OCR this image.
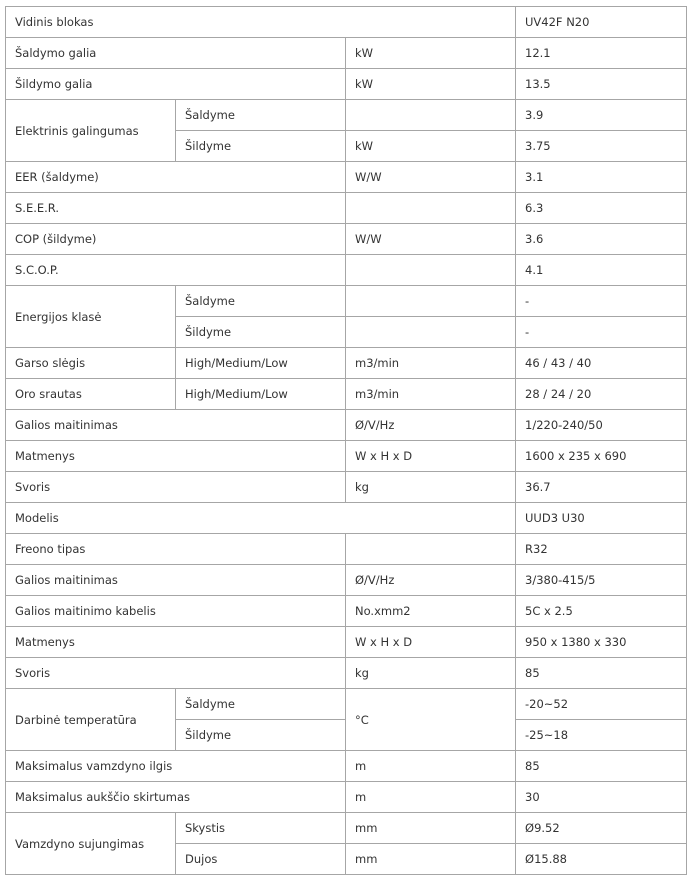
Vidinis blokas			UV42F N20
Šaldymo galia		kW	12.1
Šildymo galia		kW	13.5
Elektrinis galingumas	Šaldyme		3.9
	Šildyme	kW	3.75
EER (šaldyme)		W/W	3.1
S.E.E.R.			6.3
COP (šildyme)		W/W	3.6
S.C.O.P.			4.1
Energijos klasė	Šaldyme		-
	Šildyme		-
Garso slėgis	High/Medium/Low	m3/min	46 / 43 / 40
Oro srautas	High/Medium/Low	m3/min	28 / 24 / 20
Galios maitinimas		Ø/V/Hz	1/220-240/50
Matmenys		W x H x D	1600 x 235 x 690
Svoris		kg	36.7
Modelis			UUD3 U30
Freono tipas			R32
Galios maitinimas		Ø/V/Hz	3/380-415/5
Galios maitinimo kabelis		No.xmm2	5C x 2.5
Matmenys		W x H x D	950 x 1380 x 330
Svoris		kg	85
Darbinė temperatūra	Šaldyme	°C	-20~52
	Šildyme		-25~18
Maksimalus vamzdyno ilgis		m	85
Maksimalus aukščio skirtumas		m	30
Vamzdyno sujungimas	Skystis	mm	Ø9.52
	Dujos	mm	Ø15.88
